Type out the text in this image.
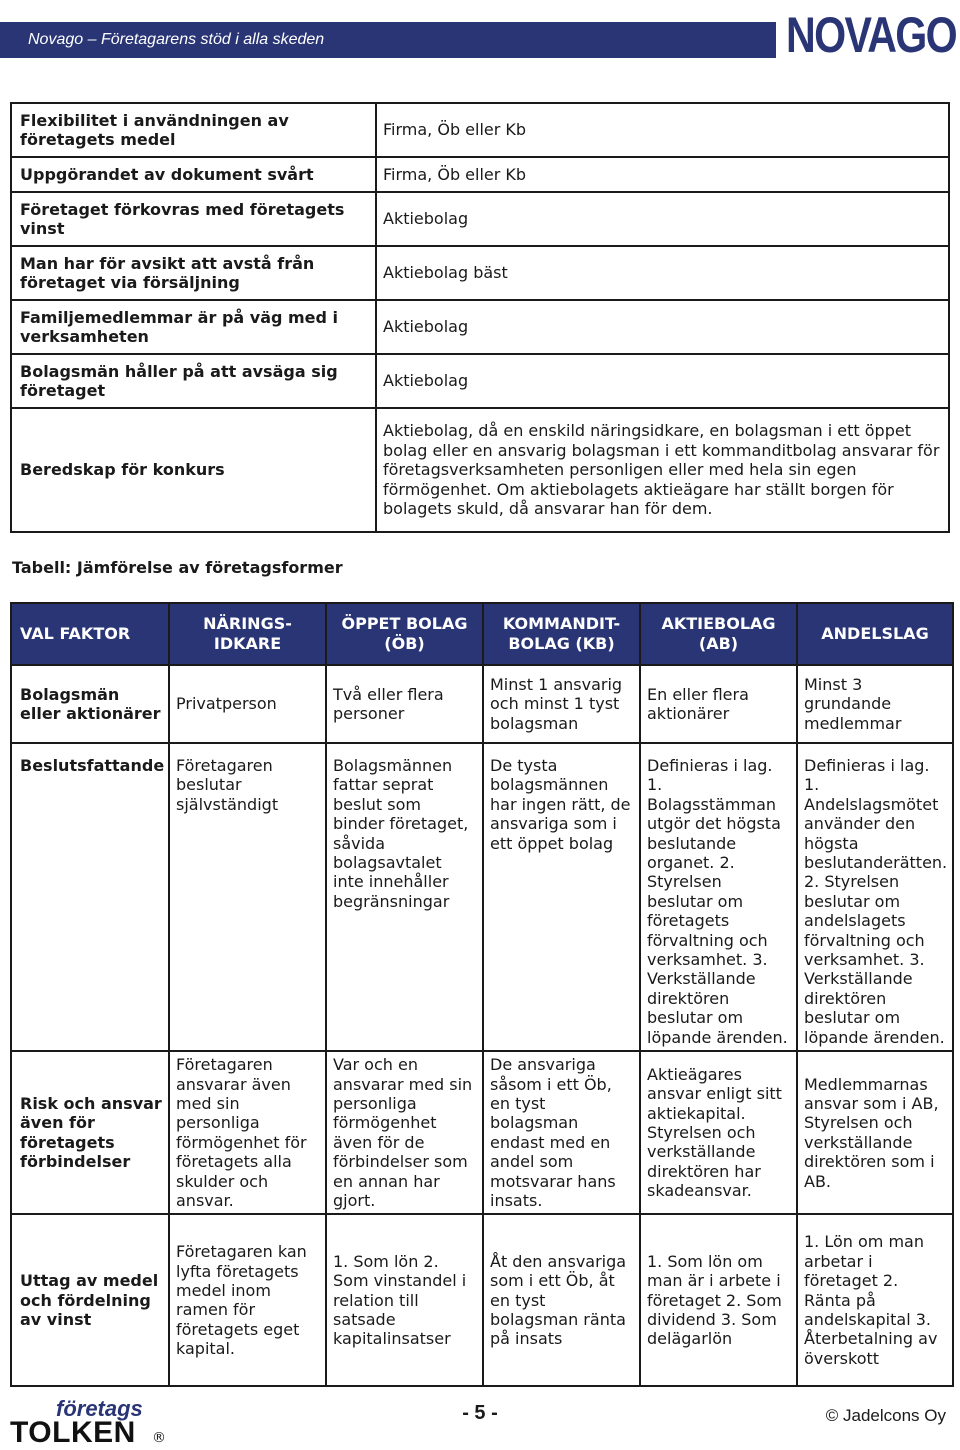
Novago – Företagarens stöd i alla skeden	NOVAGO
Flexibilitet i användningen av företagets medel	Firma, Öb eller Kb
Uppgörandet av dokument svårt	Firma, Öb eller Kb
Företaget förkovras med företagets vinst	Aktiebolag
Man har för avsikt att avstå från företaget via försäljning	Aktiebolag bäst
Familjemedlemmar är på väg med i verksamheten	Aktiebolag
Bolagsmän håller på att avsäga sig företaget	Aktiebolag
Beredskap för konkurs	Aktiebolag, då en enskild näringsidkare, en bolagsman i ett öppet bolag eller en ansvarig bolagsman i ett kommanditbolag ansvarar för företagsverksamheten personligen eller med hela sin egen förmögenhet. Om aktiebolagets aktieägare har ställt borgen för bolagets skuld, då ansvarar han för dem.

Tabell: Jämförelse av företagsformer

VAL FAKTOR	NÄRINGS-IDKARE	ÖPPET BOLAG (ÖB)	KOMMANDIT-BOLAG (KB)	AKTIEBOLAG (AB)	ANDELSLAG
Bolagsmän eller aktionärer	Privatperson	Två eller flera personer	Minst 1 ansvarig och minst 1 tyst bolagsman	En eller flera aktionärer	Minst 3 grundande medlemmar
Beslutsfattande	Företagaren beslutar självständigt	Bolagsmännen fattar seprat beslut som binder företaget, såvida bolagsavtalet inte innehåller begränsningar	De tysta bolagsmännen har ingen rätt, de ansvariga som i ett öppet bolag	Definieras i lag. 1. Bolagsstämman utgör det högsta beslutande organet. 2. Styrelsen beslutar om företagets förvaltning och verksamhet. 3. Verkställande direktören beslutar om löpande ärenden.	Definieras i lag. 1. Andelslagsmötet använder den högsta beslutanderätten. 2. Styrelsen beslutar om andelslagets förvaltning och verksamhet. 3. Verkställande direktören beslutar om löpande ärenden.
Risk och ansvar även för företagets förbindelser	Företagaren ansvarar även med sin personliga förmögenhet för företagets alla skulder och ansvar.	Var och en ansvarar med sin personliga förmögenhet även för de förbindelser som en annan har gjort.	De ansvariga såsom i ett Öb, en tyst bolagsman endast med en andel som motsvarar hans insats.	Aktieägares ansvar enligt sitt aktiekapital. Styrelsen och verkställande direktören har skadeansvar.	Medlemmarnas ansvar som i AB, Styrelsen och verkställande direktören som i AB.
Uttag av medel och fördelning av vinst	Företagaren kan lyfta företagets medel inom ramen för företagets eget kapital.	1. Som lön 2. Som vinstandel i relation till satsade kapitalinsatser	Åt den ansvariga som i ett Öb, åt en tyst bolagsman ränta på insats	1. Som lön om man är i arbete i företaget 2. Som dividend 3. Som delägarlön	1. Lön om man arbetar i företaget 2. Ränta på andelskapital 3. Återbetalning av överskott
företags
TOLKEN ®
- 5 -	© Jadelcons Oy
